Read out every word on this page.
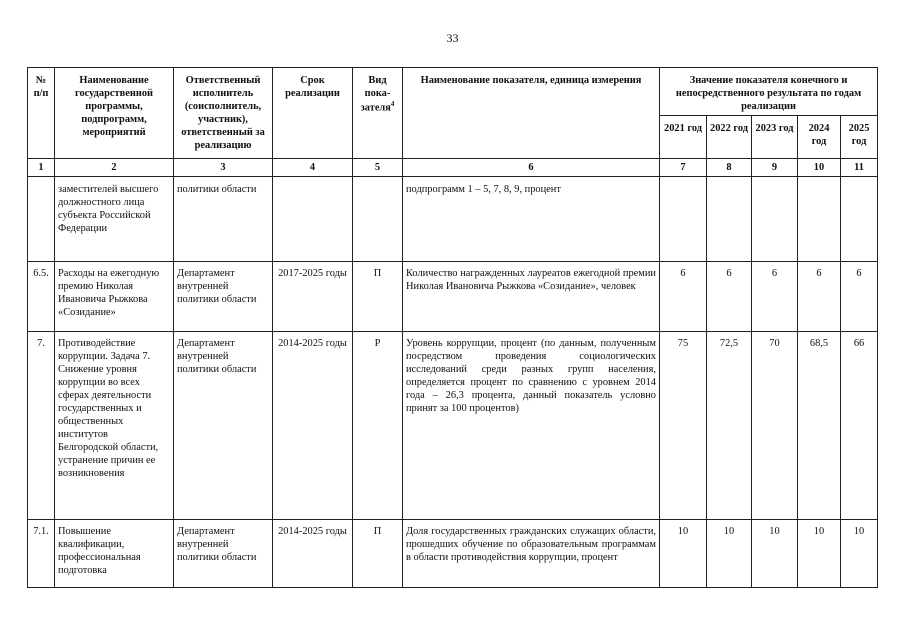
33
№ п/п	Наименование государственной программы, подпрограмм, мероприятий	Ответственный исполнитель (соисполнитель, участник), ответственный за реализацию	Срок реализации	Вид пока-зателя$^4$	Наименование показателя, единица измерения	Значение показателя конечного и непосредственного результата по годам реализации				
						2021 год	2022 год	2023 год	2024 год	2025 год
1	2	3	4	5	6	7	8	9	10	11
	заместителей высшего должностного лица субъекта Российской Федерации	политики области			подпрограмм 1 – 5, 7, 8, 9, процент					
6.5.	Расходы на ежегодную премию Николая Ивановича Рыжкова «Созидание»	Департамент внутренней политики области	2017-2025 годы	П	Количество награжденных лауреатов ежегодной премии Николая Ивановича Рыжкова «Созидание», человек	6	6	6	6	6
7.	Противодействие коррупции. Задача 7. Снижение уровня коррупции во всех сферах деятельности государственных и общественных институтов Белгородской области, устранение причин ее возникновения	Департамент внутренней политики области	2014-2025 годы	Р	Уровень коррупции, процент (по данным, полученным посредством проведения социологических исследований среди разных групп населения, определяется процент по сравнению с уровнем 2014 года – 26,3 процента, данный показатель условно принят за 100 процентов)	75	72,5	70	68,5	66
7.1.	Повышение квалификации, профессиональная подготовка	Департамент внутренней политики области	2014-2025 годы	П	Доля государственных гражданских служащих области, прошедших обучение по образовательным программам в области противодействия коррупции, процент	10	10	10	10	10
